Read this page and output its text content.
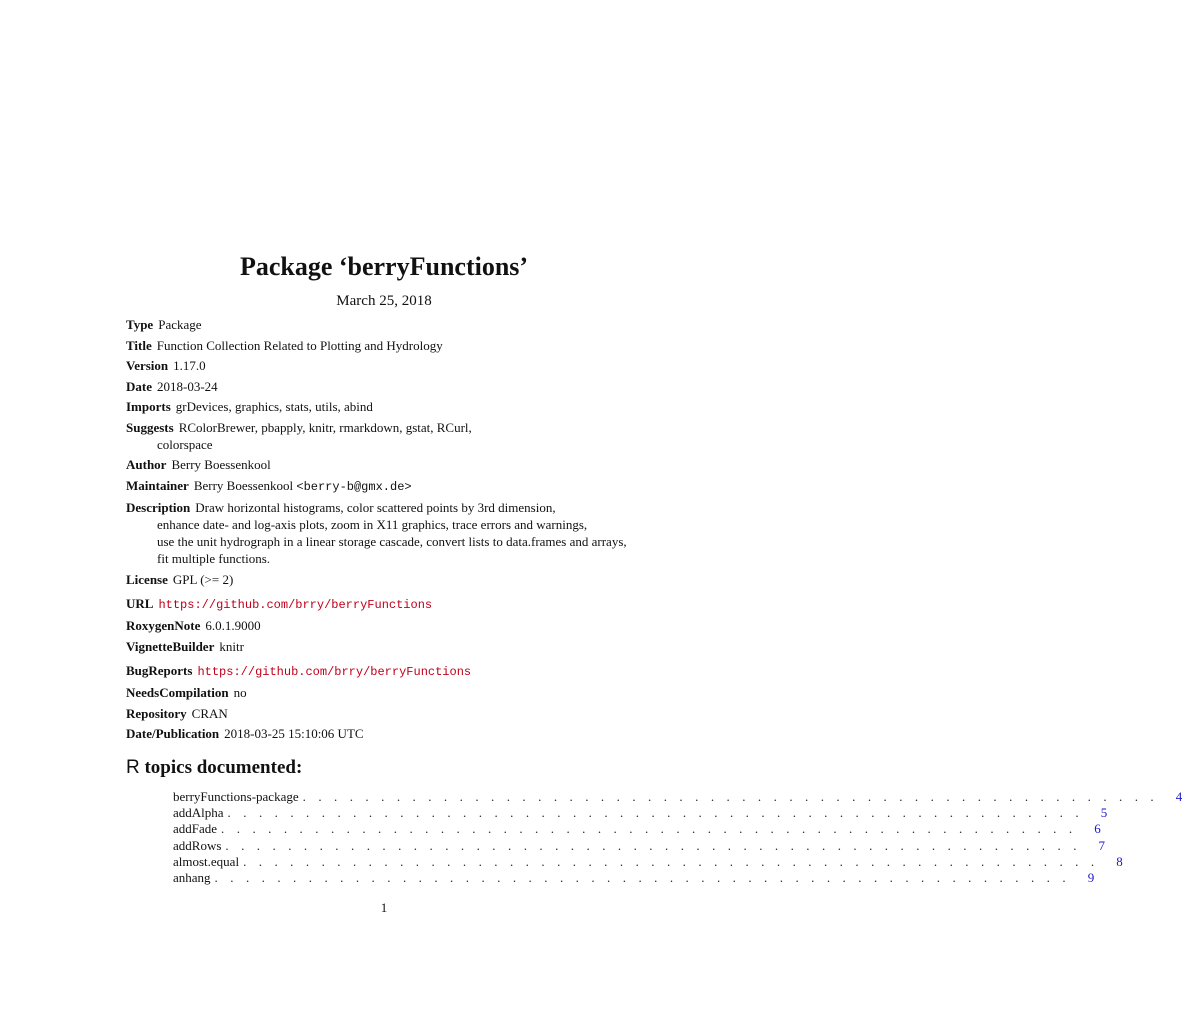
Package ‘berryFunctions’
March 25, 2018
Type Package
Title Function Collection Related to Plotting and Hydrology
Version 1.17.0
Date 2018-03-24
Imports grDevices, graphics, stats, utils, abind
Suggests RColorBrewer, pbapply, knitr, rmarkdown, gstat, RCurl,
colorspace
Author Berry Boessenkool
Maintainer Berry Boessenkool <berry-b@gmx.de>
Description Draw horizontal histograms, color scattered points by 3rd dimension,
enhance date- and log-axis plots, zoom in X11 graphics, trace errors and warnings,
use the unit hydrograph in a linear storage cascade, convert lists to data.frames and arrays,
fit multiple functions.
License GPL (>= 2)
URL https://github.com/brry/berryFunctions
RoxygenNote 6.0.1.9000
VignetteBuilder knitr
BugReports https://github.com/brry/berryFunctions
NeedsCompilation no
Repository CRAN
Date/Publication 2018-03-25 15:10:06 UTC
R topics documented:
berryFunctions-package . . . . . . . . . . . . . . . . . . . . . . . . . . . . . . . . . . . . . . . . . . . . . . . . . . . . . . .	4
addAlpha . . . . . . . . . . . . . . . . . . . . . . . . . . . . . . . . . . . . . . . . . . . . . . . . . . . . . . .	5
addFade . . . . . . . . . . . . . . . . . . . . . . . . . . . . . . . . . . . . . . . . . . . . . . . . . . . . . . .	6
addRows . . . . . . . . . . . . . . . . . . . . . . . . . . . . . . . . . . . . . . . . . . . . . . . . . . . . . . .	7
almost.equal . . . . . . . . . . . . . . . . . . . . . . . . . . . . . . . . . . . . . . . . . . . . . . . . . . . . . . .	8
anhang . . . . . . . . . . . . . . . . . . . . . . . . . . . . . . . . . . . . . . . . . . . . . . . . . . . . . . .	9
1
